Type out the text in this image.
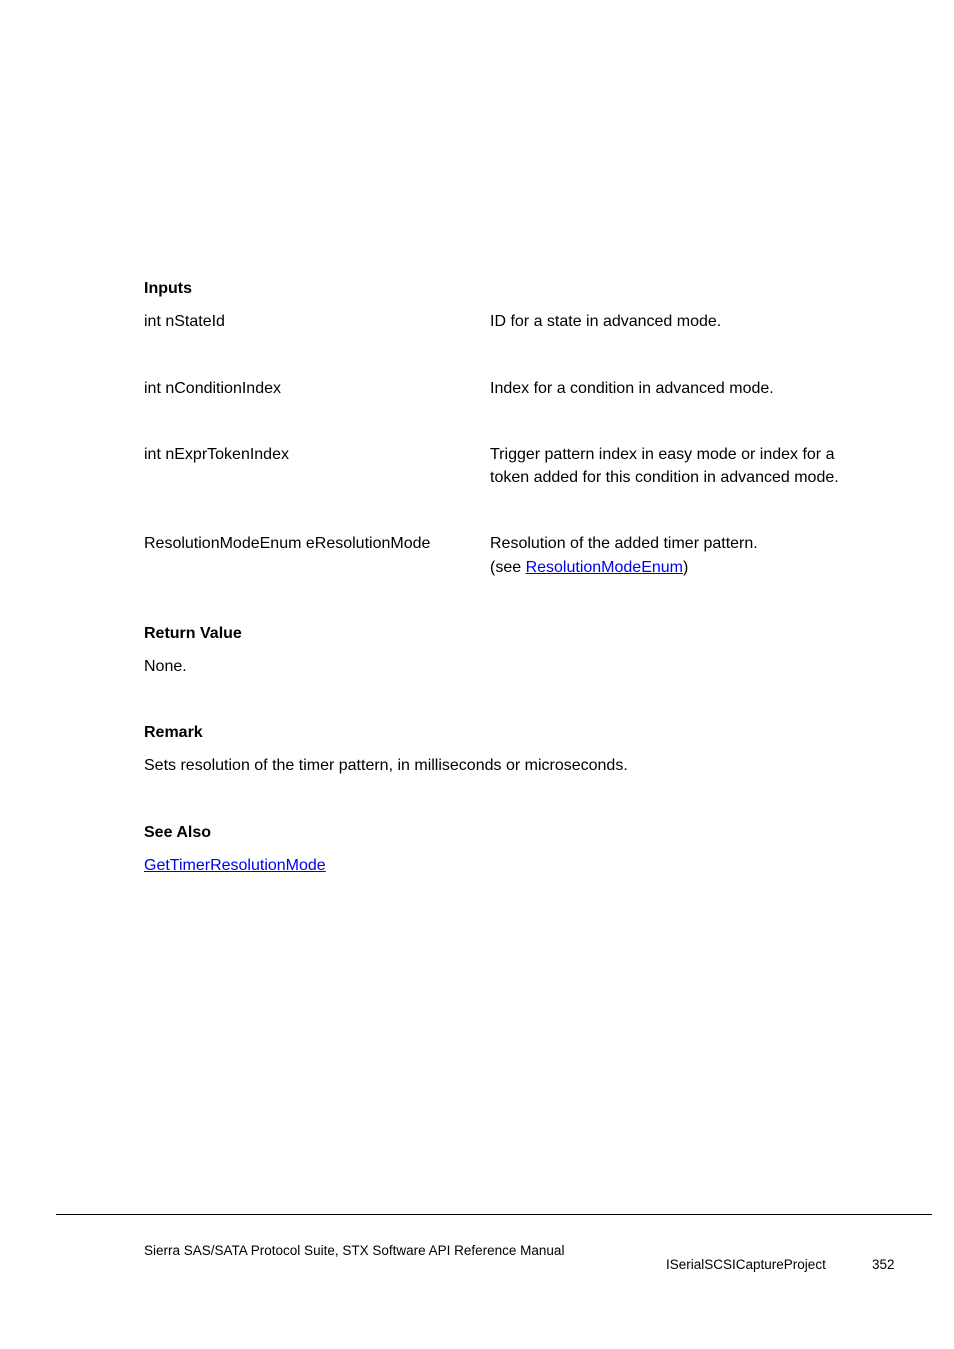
Inputs
int nStateId	ID for a state in advanced mode.
int nConditionIndex	Index for a condition in advanced mode.
int nExprTokenIndex	Trigger pattern index in easy mode or index for a
token added for this condition in advanced mode.
ResolutionModeEnum eResolutionMode	Resolution of the added timer pattern.
(see ResolutionModeEnum)
Return Value
None.
Remark
Sets resolution of the timer pattern, in milliseconds or microseconds.
See Also
GetTimerResolutionMode
Sierra SAS/SATA Protocol Suite, STX Software API Reference Manual
ISerialSCSICaptureProject	352
